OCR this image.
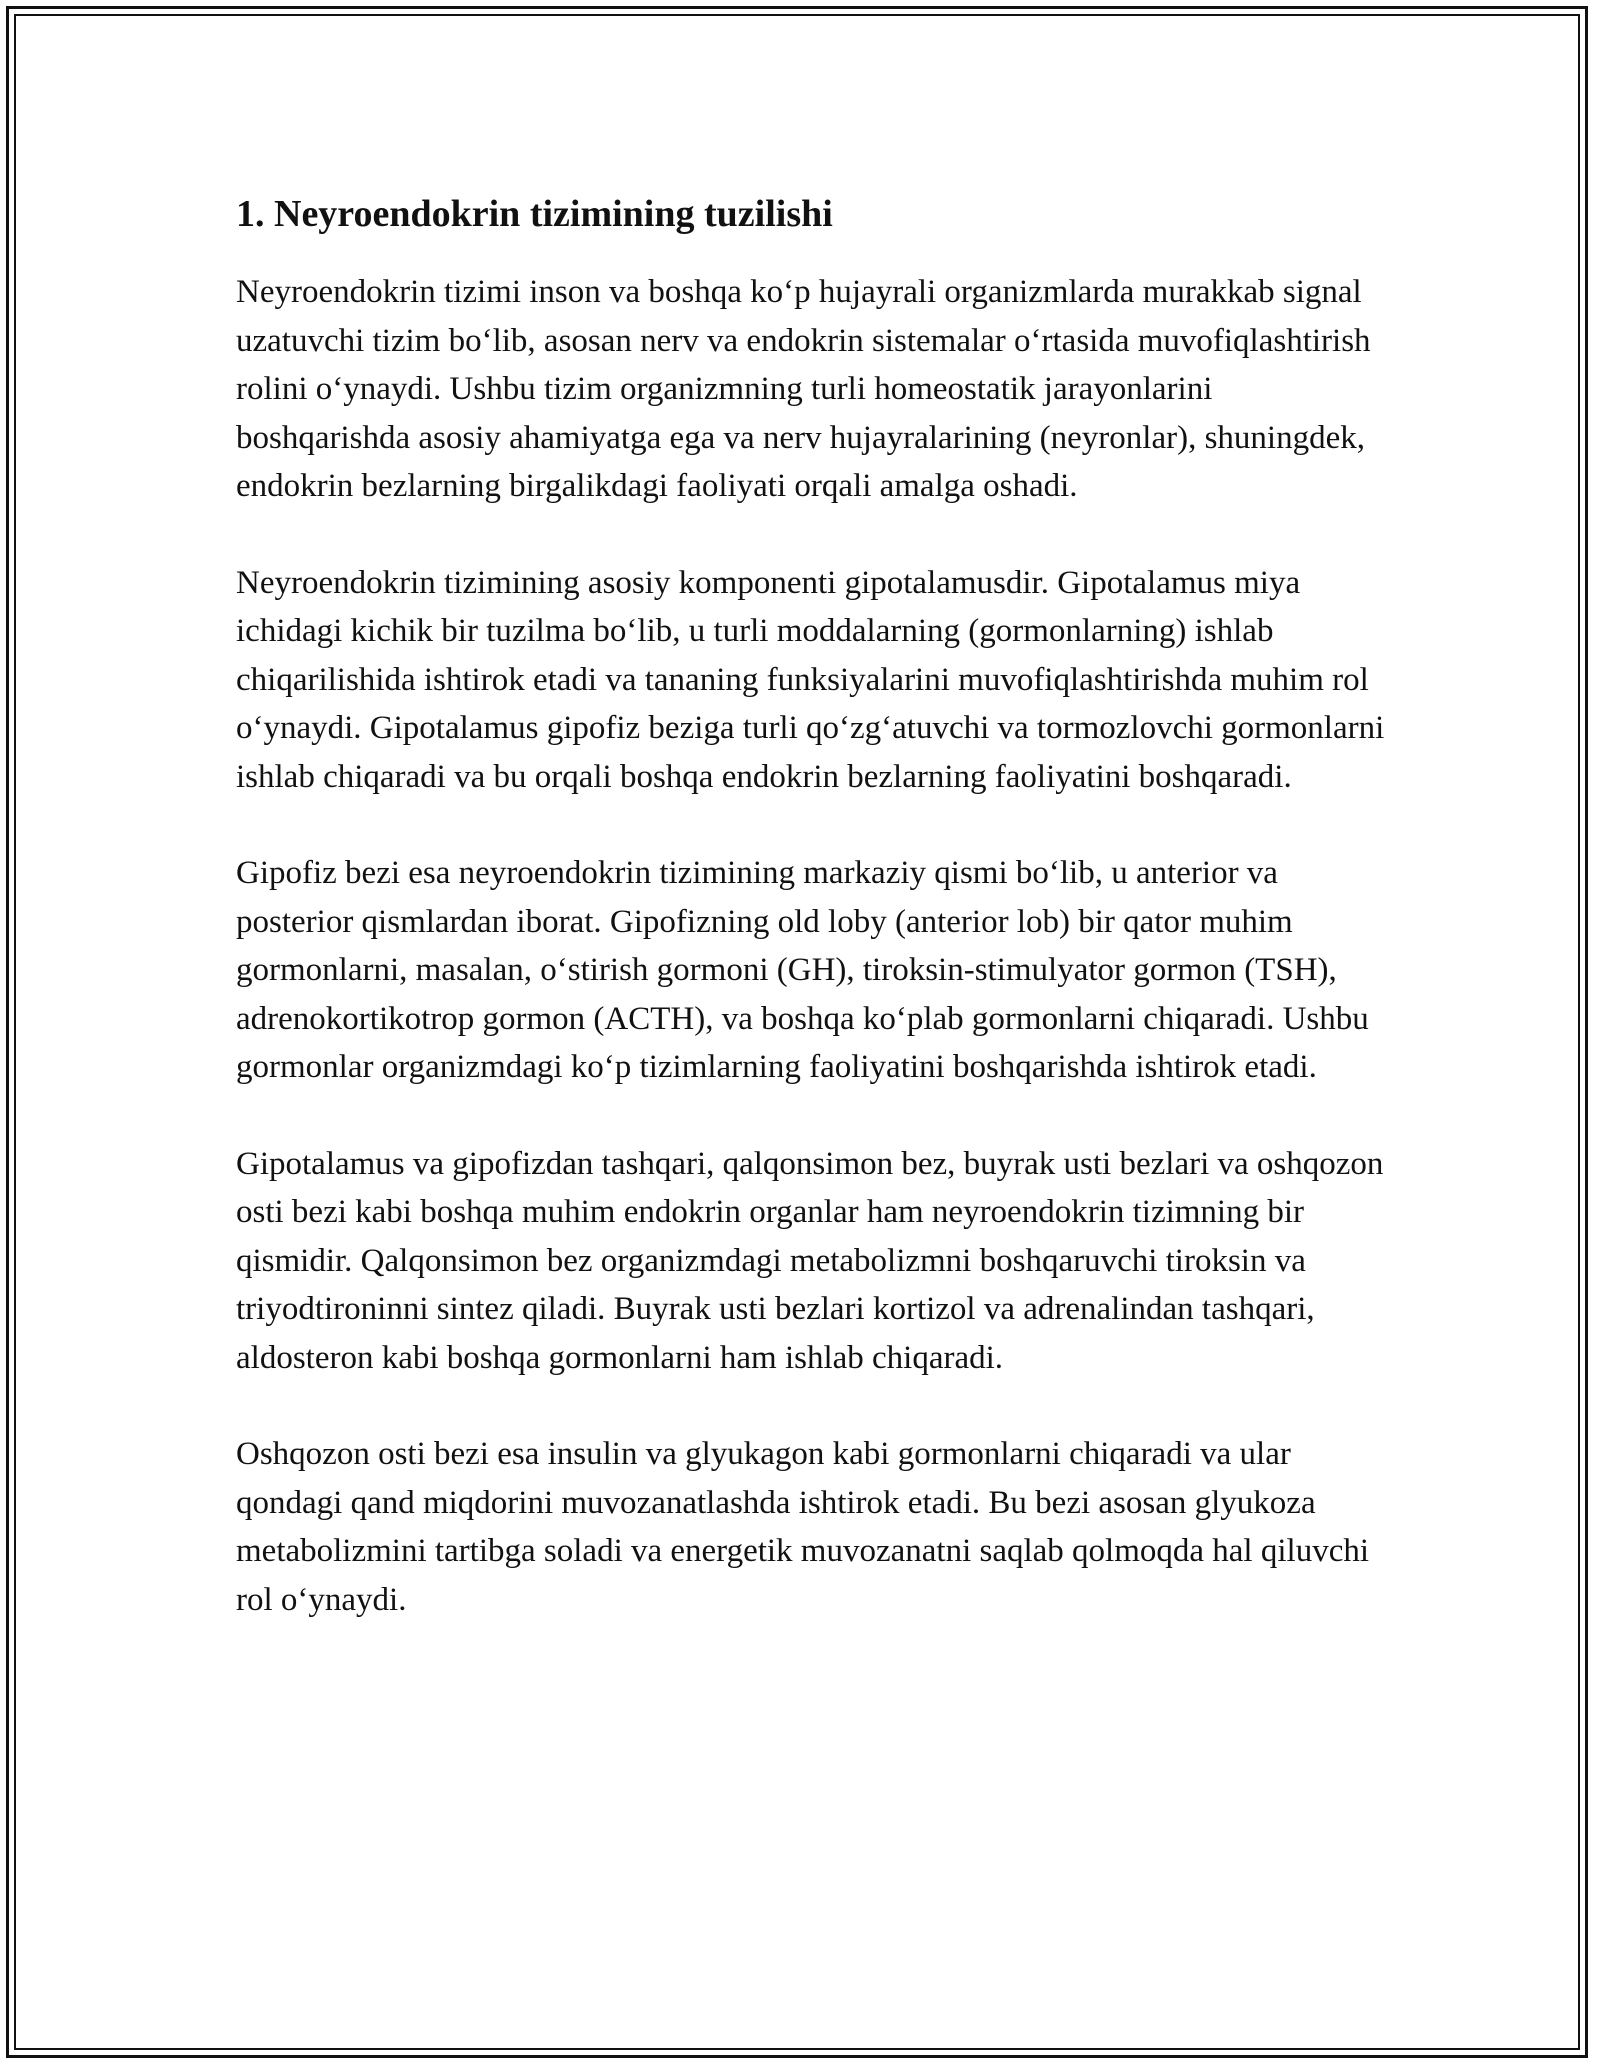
1. Neyroendokrin tizimining tuzilishi

Neyroendokrin tizimi inson va boshqa ko‘p hujayrali organizmlarda murakkab signal uzatuvchi tizim bo‘lib, asosan nerv va endokrin sistemalar o‘rtasida muvofiqlashtirish rolini o‘ynaydi. Ushbu tizim organizmning turli homeostatik jarayonlarini boshqarishda asosiy ahamiyatga ega va nerv hujayralarining (neyronlar), shuningdek, endokrin bezlarning birgalikdagi faoliyati orqali amalga oshadi.

Neyroendokrin tizimining asosiy komponenti gipotalamusdir. Gipotalamus miya ichidagi kichik bir tuzilma bo‘lib, u turli moddalarning (gormonlarning) ishlab chiqarilishida ishtirok etadi va tananing funksiyalarini muvofiqlashtirishda muhim rol o‘ynaydi. Gipotalamus gipofiz beziga turli qo‘zg‘atuvchi va tormozlovchi gormonlarni ishlab chiqaradi va bu orqali boshqa endokrin bezlarning faoliyatini boshqaradi.

Gipofiz bezi esa neyroendokrin tizimining markaziy qismi bo‘lib, u anterior va posterior qismlardan iborat. Gipofizning old loby (anterior lob) bir qator muhim gormonlarni, masalan, o‘stirish gormoni (GH), tiroksin-stimulyator gormon (TSH), adrenokortikotrop gormon (ACTH), va boshqa ko‘plab gormonlarni chiqaradi. Ushbu gormonlar organizmdagi ko‘p tizimlarning faoliyatini boshqarishda ishtirok etadi.

Gipotalamus va gipofizdan tashqari, qalqonsimon bez, buyrak usti bezlari va oshqozon osti bezi kabi boshqa muhim endokrin organlar ham neyroendokrin tizimning bir qismidir. Qalqonsimon bez organizmdagi metabolizmni boshqaruvchi tiroksin va triyodtironinni sintez qiladi. Buyrak usti bezlari kortizol va adrenalindan tashqari, aldosteron kabi boshqa gormonlarni ham ishlab chiqaradi.

Oshqozon osti bezi esa insulin va glyukagon kabi gormonlarni chiqaradi va ular qondagi qand miqdorini muvozanatlashda ishtirok etadi. Bu bezi asosan glyukoza metabolizmini tartibga soladi va energetik muvozanatni saqlab qolmoqda hal qiluvchi rol o‘ynaydi.
